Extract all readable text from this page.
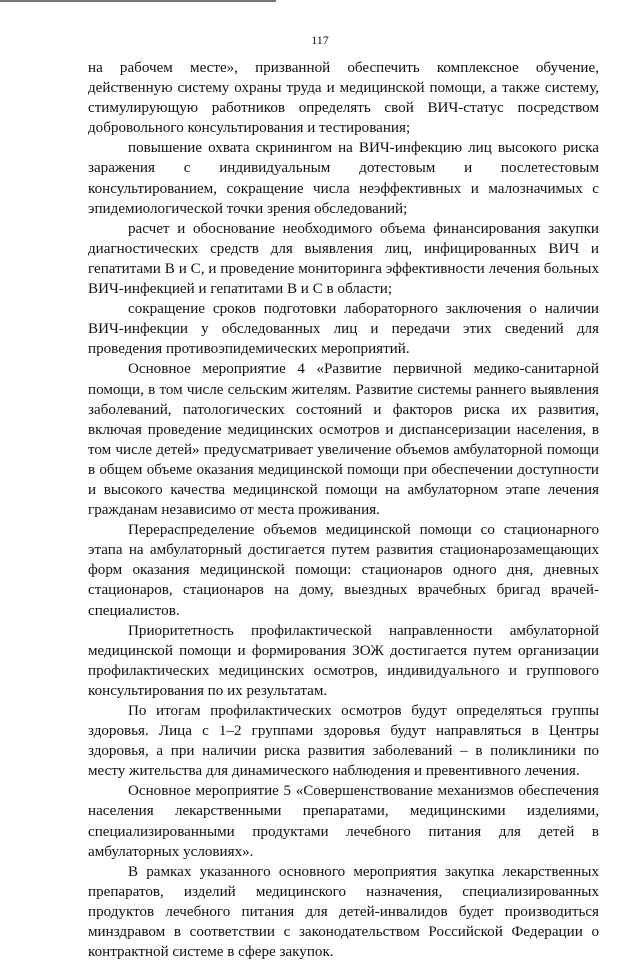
117

на рабочем месте», призванной обеспечить комплексное обучение, действенную систему охраны труда и медицинской помощи, а также систему, стимулирующую работников определять свой ВИЧ-статус посредством добровольного консультирования и тестирования;

повышение охвата скринингом на ВИЧ-инфекцию лиц высокого риска заражения с индивидуальным дотестовым и послетестовым консультированием, сокращение числа неэффективных и малозначимых с эпидемиологической точки зрения обследований;

расчет и обоснование необходимого объема финансирования закупки диагностических средств для выявления лиц, инфицированных ВИЧ и гепатитами В и С, и проведение мониторинга эффективности лечения больных ВИЧ-инфекцией и гепатитами В и С в области;

сокращение сроков подготовки лабораторного заключения о наличии ВИЧ-инфекции у обследованных лиц и передачи этих сведений для проведения противоэпидемических мероприятий.

Основное мероприятие 4 «Развитие первичной медико-санитарной помощи, в том числе сельским жителям. Развитие системы раннего выявления заболеваний, патологических состояний и факторов риска их развития, включая проведение медицинских осмотров и диспансеризации населения, в том числе детей» предусматривает увеличение объемов амбулаторной помощи в общем объеме оказания медицинской помощи при обеспечении доступности и высокого качества медицинской помощи на амбулаторном этапе лечения гражданам независимо от места проживания.

Перераспределение объемов медицинской помощи со стационарного этапа на амбулаторный достигается путем развития стационарозамещающих форм оказания медицинской помощи: стационаров одного дня, дневных стационаров, стационаров на дому, выездных врачебных бригад врачей-специалистов.

Приоритетность профилактической направленности амбулаторной медицинской помощи и формирования ЗОЖ достигается путем организации профилактических медицинских осмотров, индивидуального и группового консультирования по их результатам.

По итогам профилактических осмотров будут определяться группы здоровья. Лица с 1–2 группами здоровья будут направляться в Центры здоровья, а при наличии риска развития заболеваний – в поликлиники по месту жительства для динамического наблюдения и превентивного лечения.

Основное мероприятие 5 «Совершенствование механизмов обеспечения населения лекарственными препаратами, медицинскими изделиями, специализированными продуктами лечебного питания для детей в амбулаторных условиях».

В рамках указанного основного мероприятия закупка лекарственных препаратов, изделий медицинского назначения, специализированных продуктов лечебного питания для детей-инвалидов будет производиться минздравом в соответствии с законодательством Российской Федерации о контрактной системе в сфере закупок.
